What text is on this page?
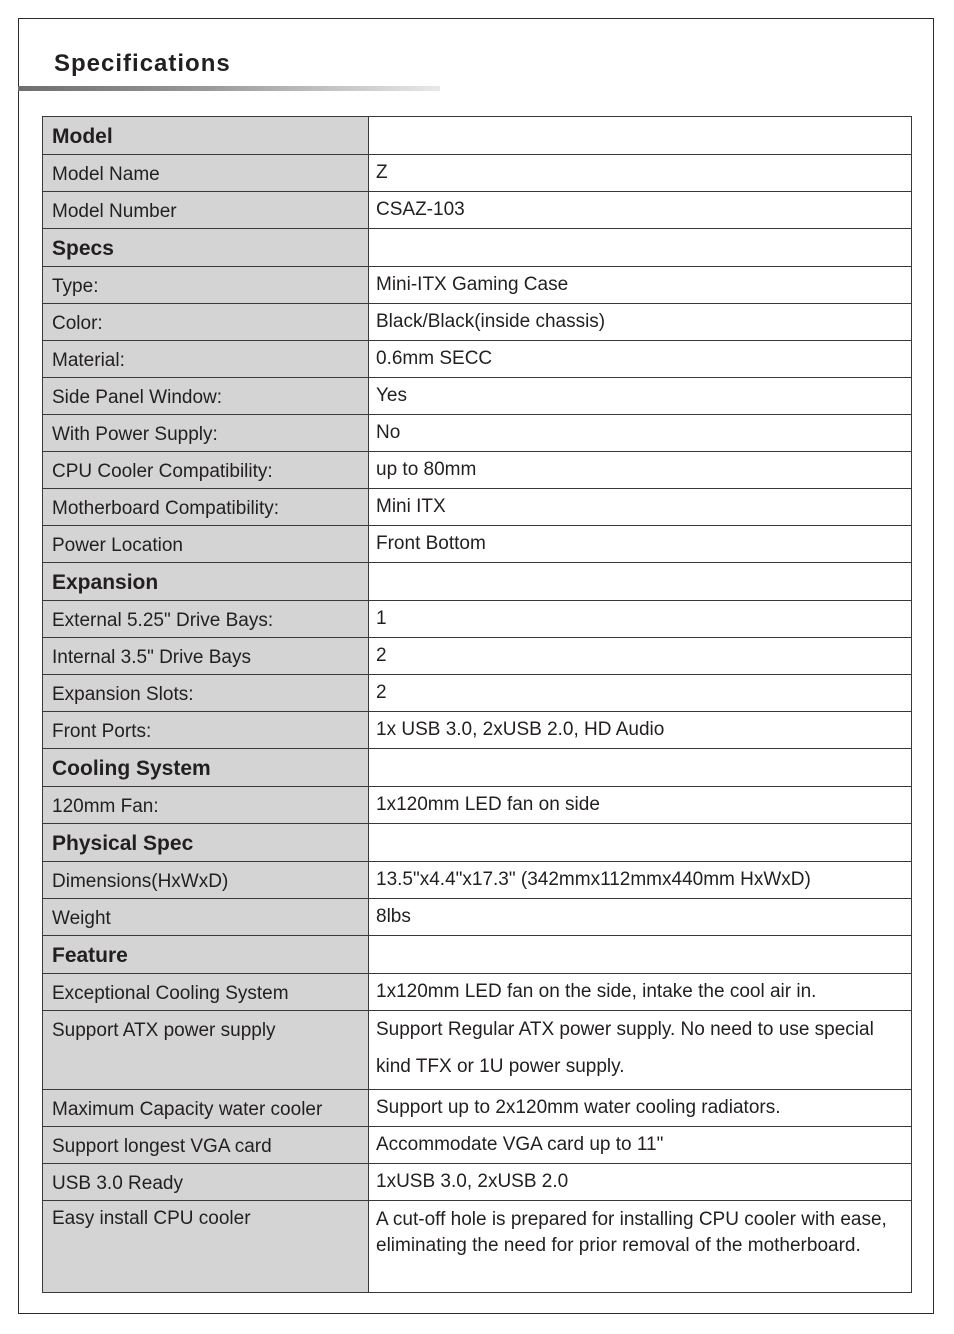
Specifications
Model	
Model Name	Z
Model Number	CSAZ-103
Specs	
Type:	Mini-ITX Gaming Case
Color:	Black/Black(inside chassis)
Material:	0.6mm SECC
Side Panel Window:	Yes
With Power Supply:	No
CPU Cooler Compatibility:	up to 80mm
Motherboard Compatibility:	Mini ITX
Power Location	Front Bottom
Expansion	
External 5.25" Drive Bays:	1
Internal 3.5" Drive Bays	2
Expansion Slots:	2
Front Ports:	1x USB 3.0, 2xUSB 2.0, HD Audio
Cooling System	
120mm Fan:	1x120mm LED fan on side
Physical Spec	
Dimensions(HxWxD)	13.5"x4.4"x17.3" (342mmx112mmx440mm HxWxD)
Weight	8lbs
Feature	
Exceptional Cooling System	1x120mm LED fan on the side, intake the cool air in.
Support ATX power supply	Support Regular ATX power supply. No need to use special kind TFX or 1U power supply.
Maximum Capacity water cooler	Support up to 2x120mm water cooling radiators.
Support longest VGA card	Accommodate VGA card up to 11"
USB 3.0 Ready	1xUSB 3.0, 2xUSB 2.0
Easy install CPU cooler	A cut-off hole is prepared for installing CPU cooler with ease, eliminating the need for prior removal of the motherboard.
